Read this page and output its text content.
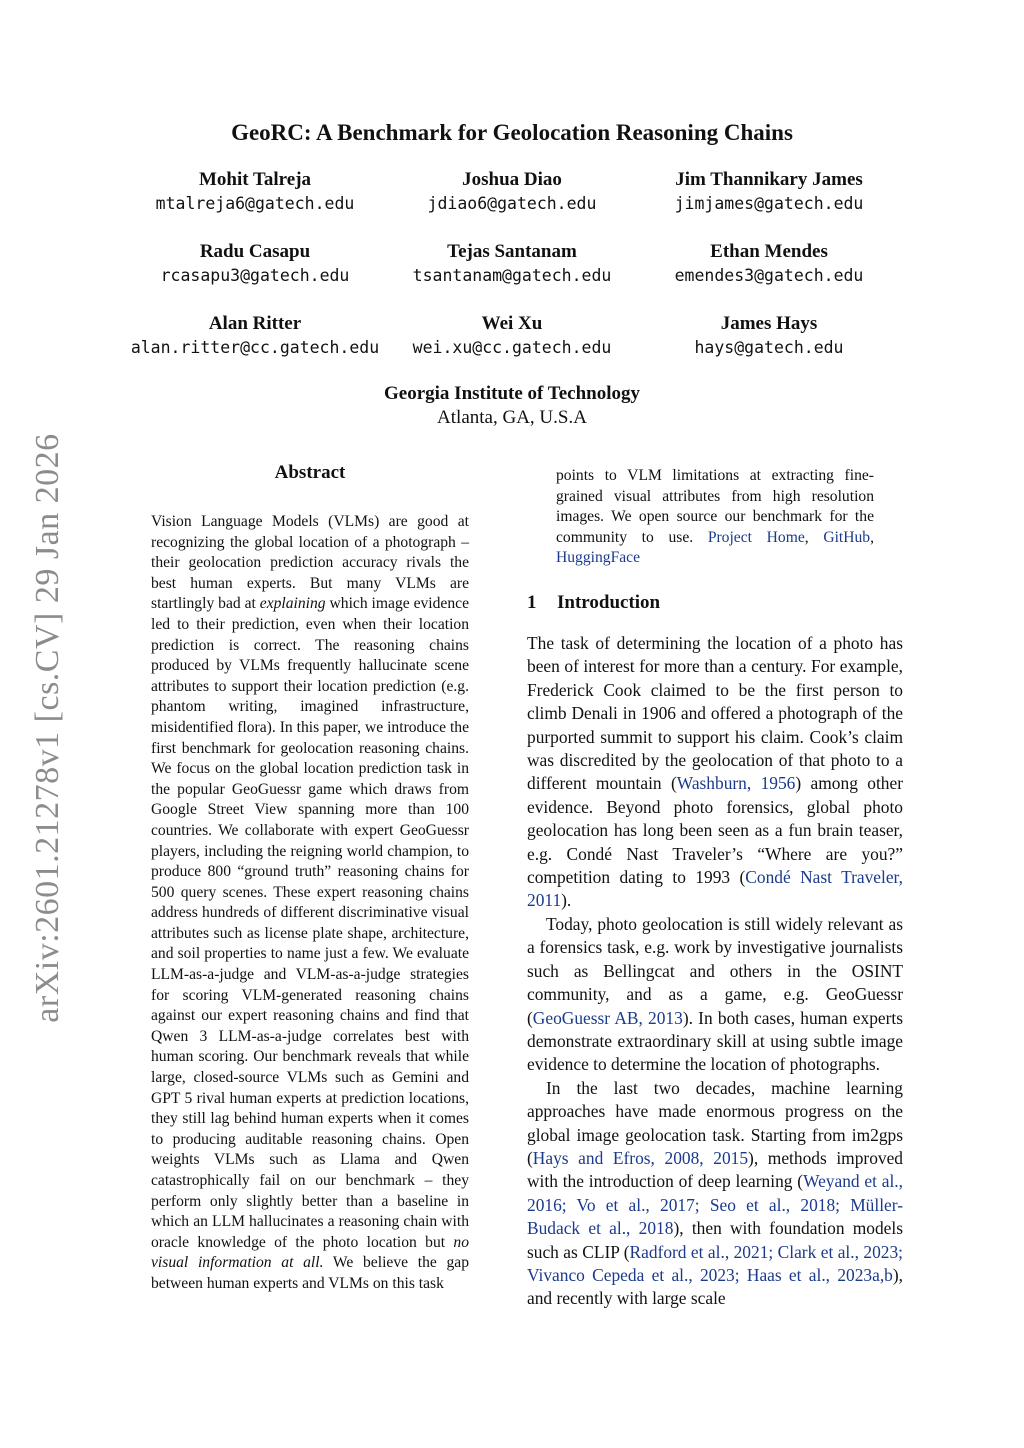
arXiv:2601.21278v1 [cs.CV] 29 Jan 2026
GeoRC: A Benchmark for Geolocation Reasoning Chains
Mohit Talreja
mtalreja6@gatech.edu
Joshua Diao
jdiao6@gatech.edu
Jim Thannikary James
jimjames@gatech.edu
Radu Casapu
rcasapu3@gatech.edu
Tejas Santanam
tsantanam@gatech.edu
Ethan Mendes
emendes3@gatech.edu
Alan Ritter
alan.ritter@cc.gatech.edu
Wei Xu
wei.xu@cc.gatech.edu
James Hays
hays@gatech.edu
Georgia Institute of Technology
Atlanta, GA, U.S.A
Abstract
Vision Language Models (VLMs) are good at recognizing the global location of a photograph – their geolocation prediction accuracy rivals the best human experts. But many VLMs are startlingly bad at explaining which image evidence led to their prediction, even when their location prediction is correct. The reasoning chains produced by VLMs frequently hallucinate scene attributes to support their location prediction (e.g. phantom writing, imagined infrastructure, misidentified flora). In this paper, we introduce the first benchmark for geolocation reasoning chains. We focus on the global location prediction task in the popular GeoGuessr game which draws from Google Street View spanning more than 100 countries. We collaborate with expert GeoGuessr players, including the reigning world champion, to produce 800 “ground truth” reasoning chains for 500 query scenes. These expert reasoning chains address hundreds of different discriminative visual attributes such as license plate shape, architecture, and soil properties to name just a few. We evaluate LLM-as-a-judge and VLM-as-a-judge strategies for scoring VLM-generated reasoning chains against our expert reasoning chains and find that Qwen 3 LLM-as-a-judge correlates best with human scoring. Our benchmark reveals that while large, closed-source VLMs such as Gemini and GPT 5 rival human experts at prediction locations, they still lag behind human experts when it comes to producing auditable reasoning chains. Open weights VLMs such as Llama and Qwen catastrophically fail on our benchmark – they perform only slightly better than a baseline in which an LLM hallucinates a reasoning chain with oracle knowledge of the photo location but no visual information at all. We believe the gap between human experts and VLMs on this task
points to VLM limitations at extracting fine-grained visual attributes from high resolution images. We open source our benchmark for the community to use. Project Home, GitHub, HuggingFace
1 Introduction

The task of determining the location of a photo has been of interest for more than a century. For example, Frederick Cook claimed to be the first person to climb Denali in 1906 and offered a photograph of the purported summit to support his claim. Cook’s claim was discredited by the geolocation of that photo to a different mountain (Washburn, 1956) among other evidence. Beyond photo forensics, global photo geolocation has long been seen as a fun brain teaser, e.g. Condé Nast Traveler’s “Where are you?” competition dating to 1993 (Condé Nast Traveler, 2011).

Today, photo geolocation is still widely relevant as a forensics task, e.g. work by investigative journalists such as Bellingcat and others in the OSINT community, and as a game, e.g. GeoGuessr (GeoGuessr AB, 2013). In both cases, human experts demonstrate extraordinary skill at using subtle image evidence to determine the location of photographs.

In the last two decades, machine learning approaches have made enormous progress on the global image geolocation task. Starting from im2gps (Hays and Efros, 2008, 2015), methods improved with the introduction of deep learning (Weyand et al., 2016; Vo et al., 2017; Seo et al., 2018; Müller-Budack et al., 2018), then with foundation models such as CLIP (Radford et al., 2021; Clark et al., 2023; Vivanco Cepeda et al., 2023; Haas et al., 2023a,b), and recently with large scale
